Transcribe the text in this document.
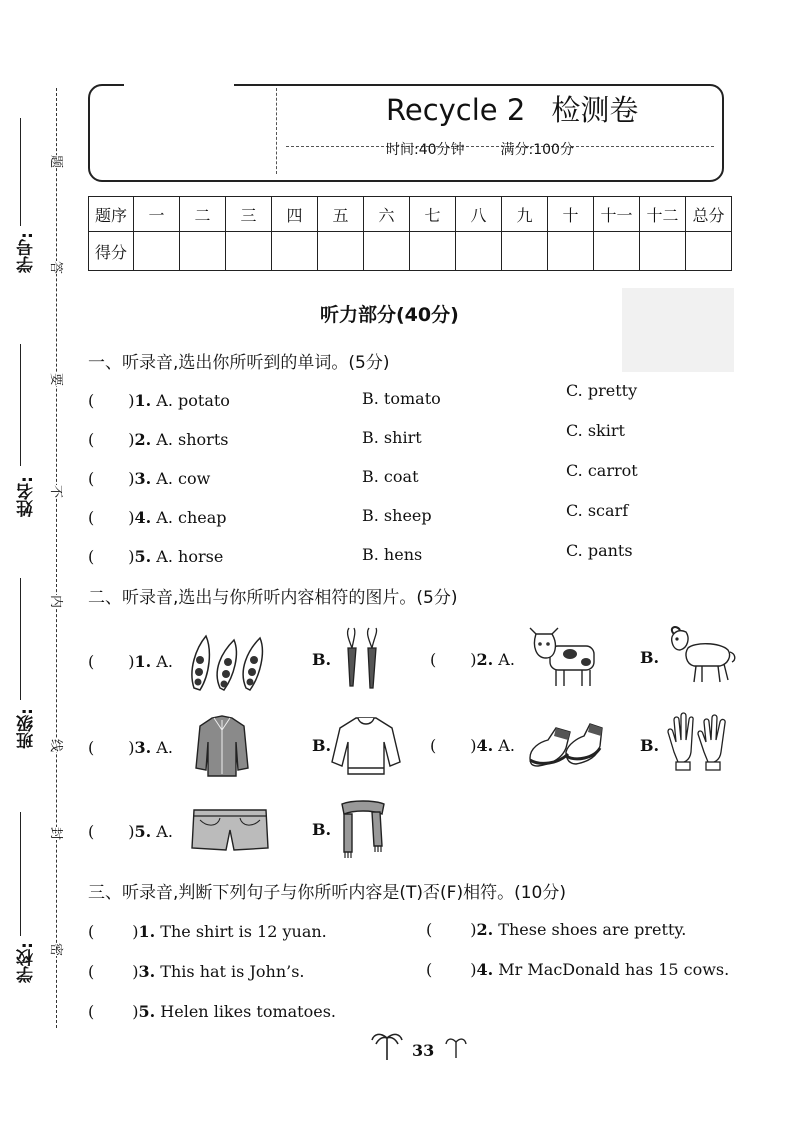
学号:
姓名:
班级:
学校:
题
答
要
不
内
线
封
密
Recycle 2 检测卷
时间:40分钟	满分:100分
题序	一	二	三	四	五	六	七	八	九	十	十一	十二	总分
得分													
听力部分(40分)
一、听录音,选出你所听到的单词。(5分)
( )1. A. potato	B. tomato	C. pretty
( )2. A. shorts	B. shirt	C. skirt
( )3. A. cow	B. coat	C. carrot
( )4. A. cheap	B. sheep	C. scarf
( )5. A. horse	B. hens	C. pants
二、听录音,选出与你所听内容相符的图片。(5分)
( )1. A.	B.	( )2. A.	B.
( )3. A.	B.	( )4. A.	B.
( )5. A.	B.
三、听录音,判断下列句子与你所听内容是(T)否(F)相符。(10分)
( )1. The shirt is 12 yuan.	( )2. These shoes are pretty.
( )3. This hat is John’s.	( )4. Mr MacDonald has 15 cows.
( )5. Helen likes tomatoes.
33
